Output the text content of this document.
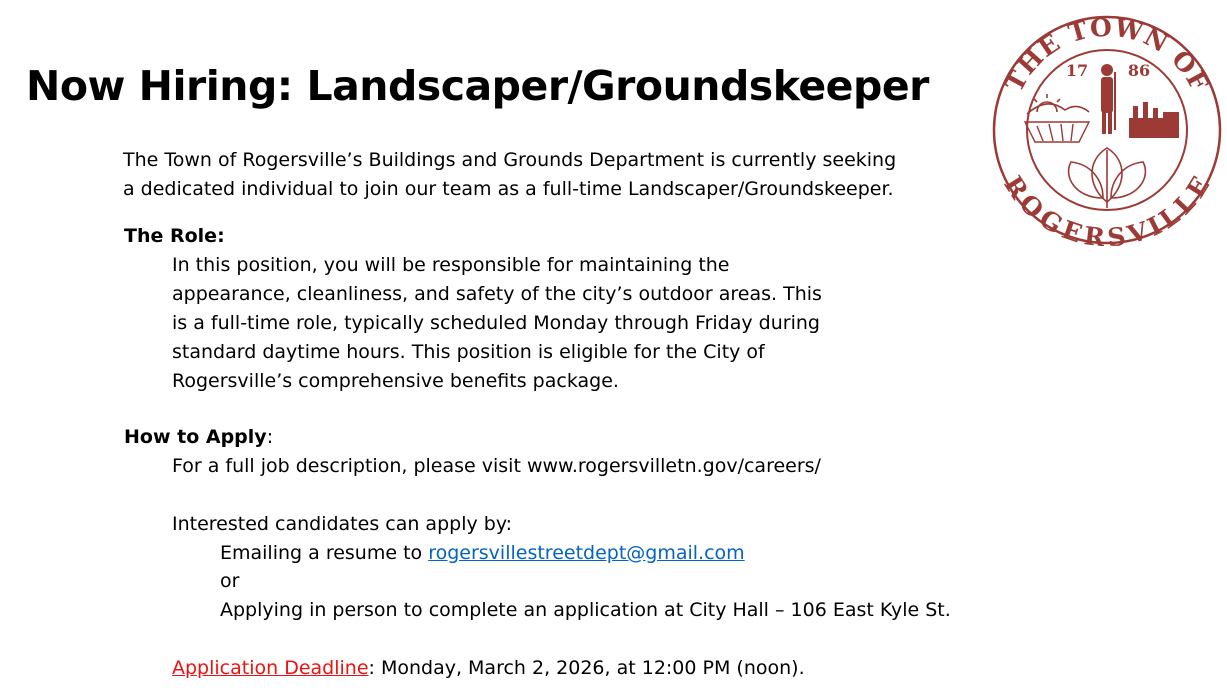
Now Hiring: Landscaper/Groundskeeper
The Town of Rogersville’s Buildings and Grounds Department is currently seeking
a dedicated individual to join our team as a full-time Landscaper/Groundskeeper.
The Role:
In this position, you will be responsible for maintaining the
appearance, cleanliness, and safety of the city’s outdoor areas. This
is a full-time role, typically scheduled Monday through Friday during
standard daytime hours. This position is eligible for the City of
Rogersville’s comprehensive benefits package.
How to Apply:
For a full job description, please visit www.rogersvilletn.gov/careers/
Interested candidates can apply by:
Emailing a resume to rogersvillestreetdept@gmail.com
or
Applying in person to complete an application at City Hall – 106 East Kyle St.
Application Deadline: Monday, March 2, 2026, at 12:00 PM (noon).
THE TOWN OF
ROGERSVILLE
17 86
